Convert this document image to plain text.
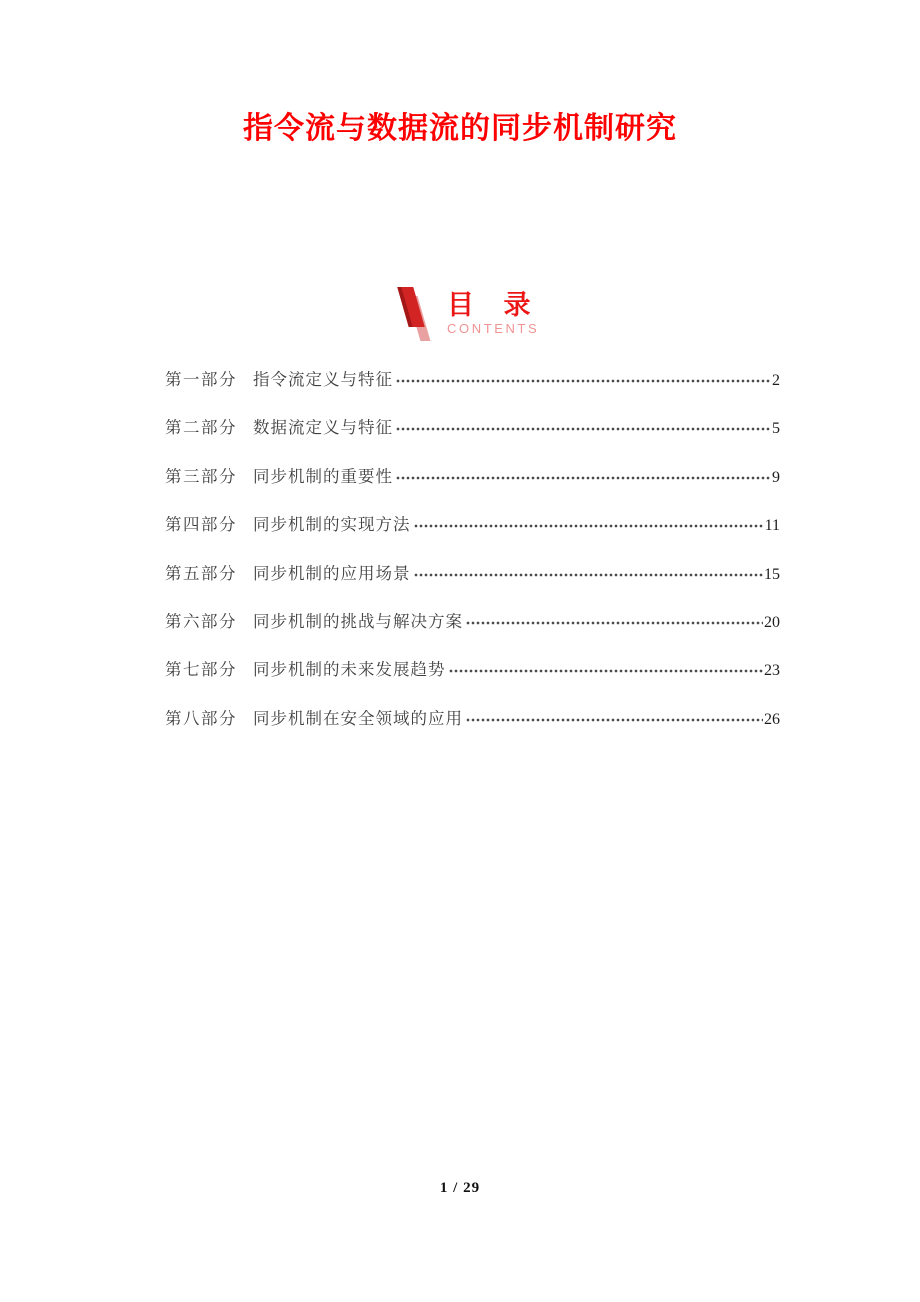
指令流与数据流的同步机制研究
目 录
CONTENTS
第一部分 指令流定义与特征	2
第二部分 数据流定义与特征	5
第三部分 同步机制的重要性	9
第四部分 同步机制的实现方法	11
第五部分 同步机制的应用场景	15
第六部分 同步机制的挑战与解决方案	20
第七部分 同步机制的未来发展趋势	23
第八部分 同步机制在安全领域的应用	26
1 / 29
